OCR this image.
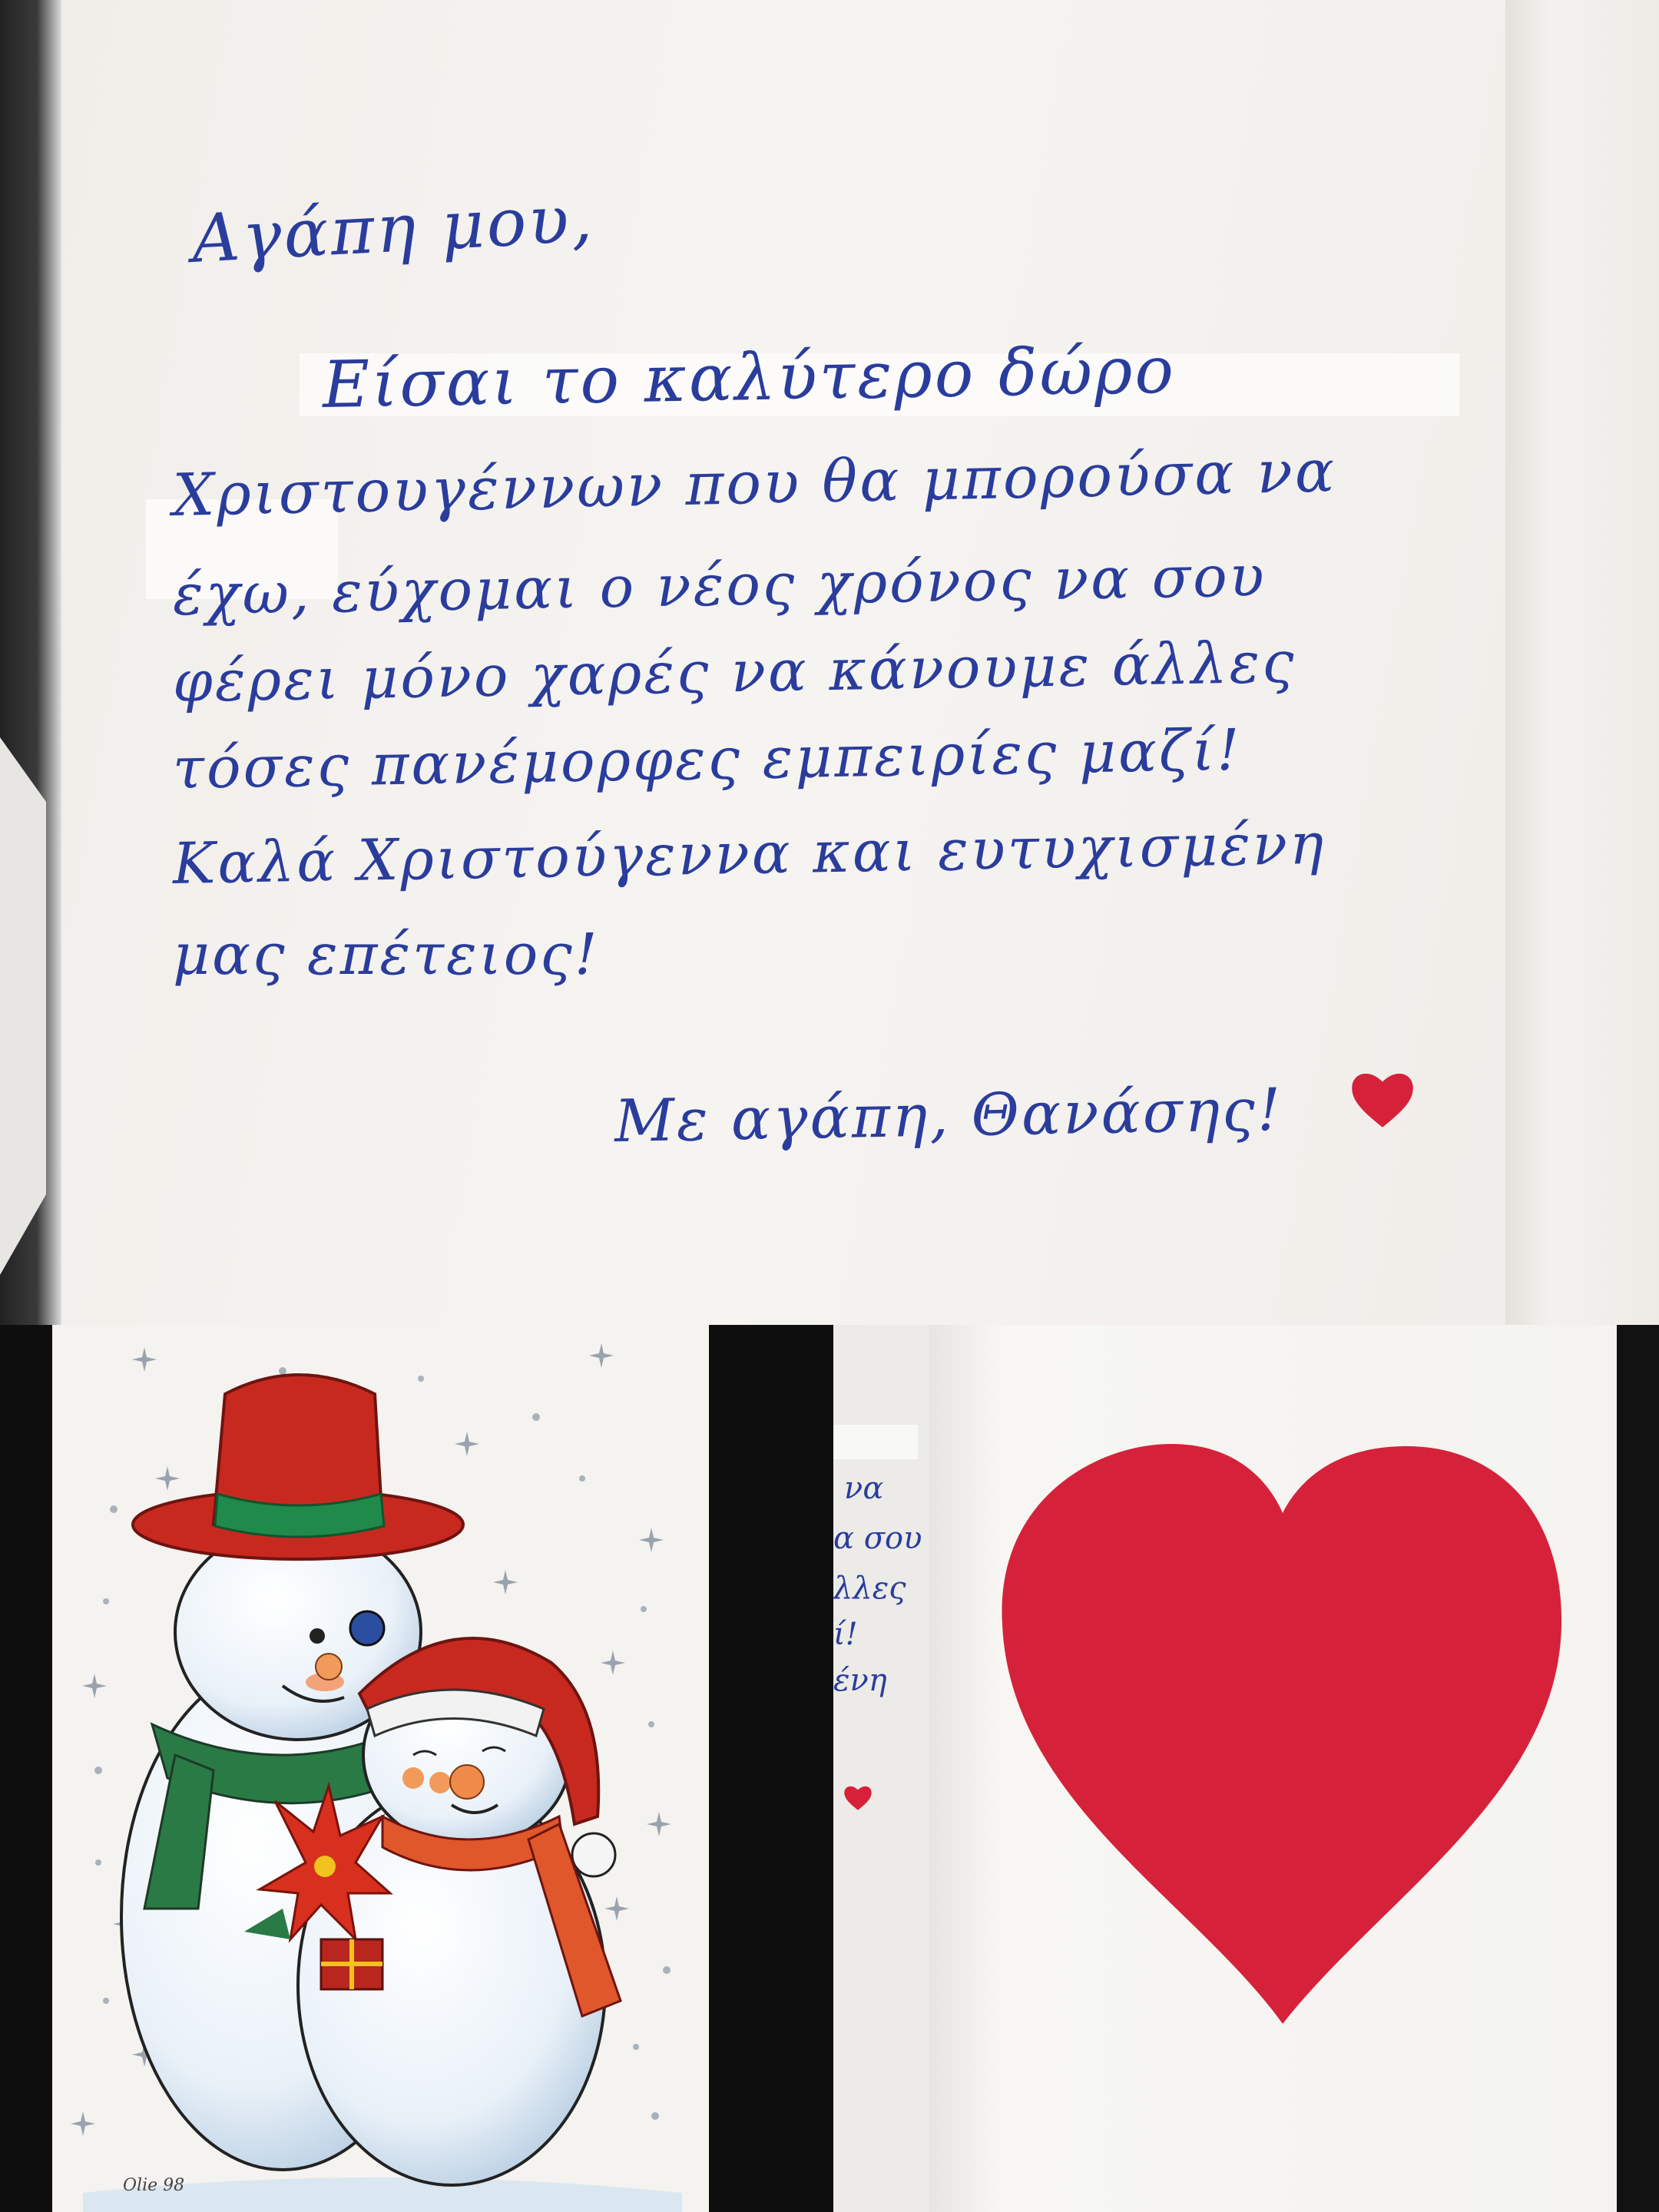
Αγάπη μου,
Είσαι το καλύτερο δώρο
Χριστουγέννων που θα μπορούσα να
έχω, εύχομαι ο νέος χρόνος να σου
φέρει μόνο χαρές να κάνουμε άλλες
τόσες πανέμορφες εμπειρίες μαζί!
Καλά Χριστούγεννα και ευτυχισμένη
μας επέτειος!
Με αγάπη, Θανάσης!
Olie 98
να
α σου
λλες
ί!
ένη
